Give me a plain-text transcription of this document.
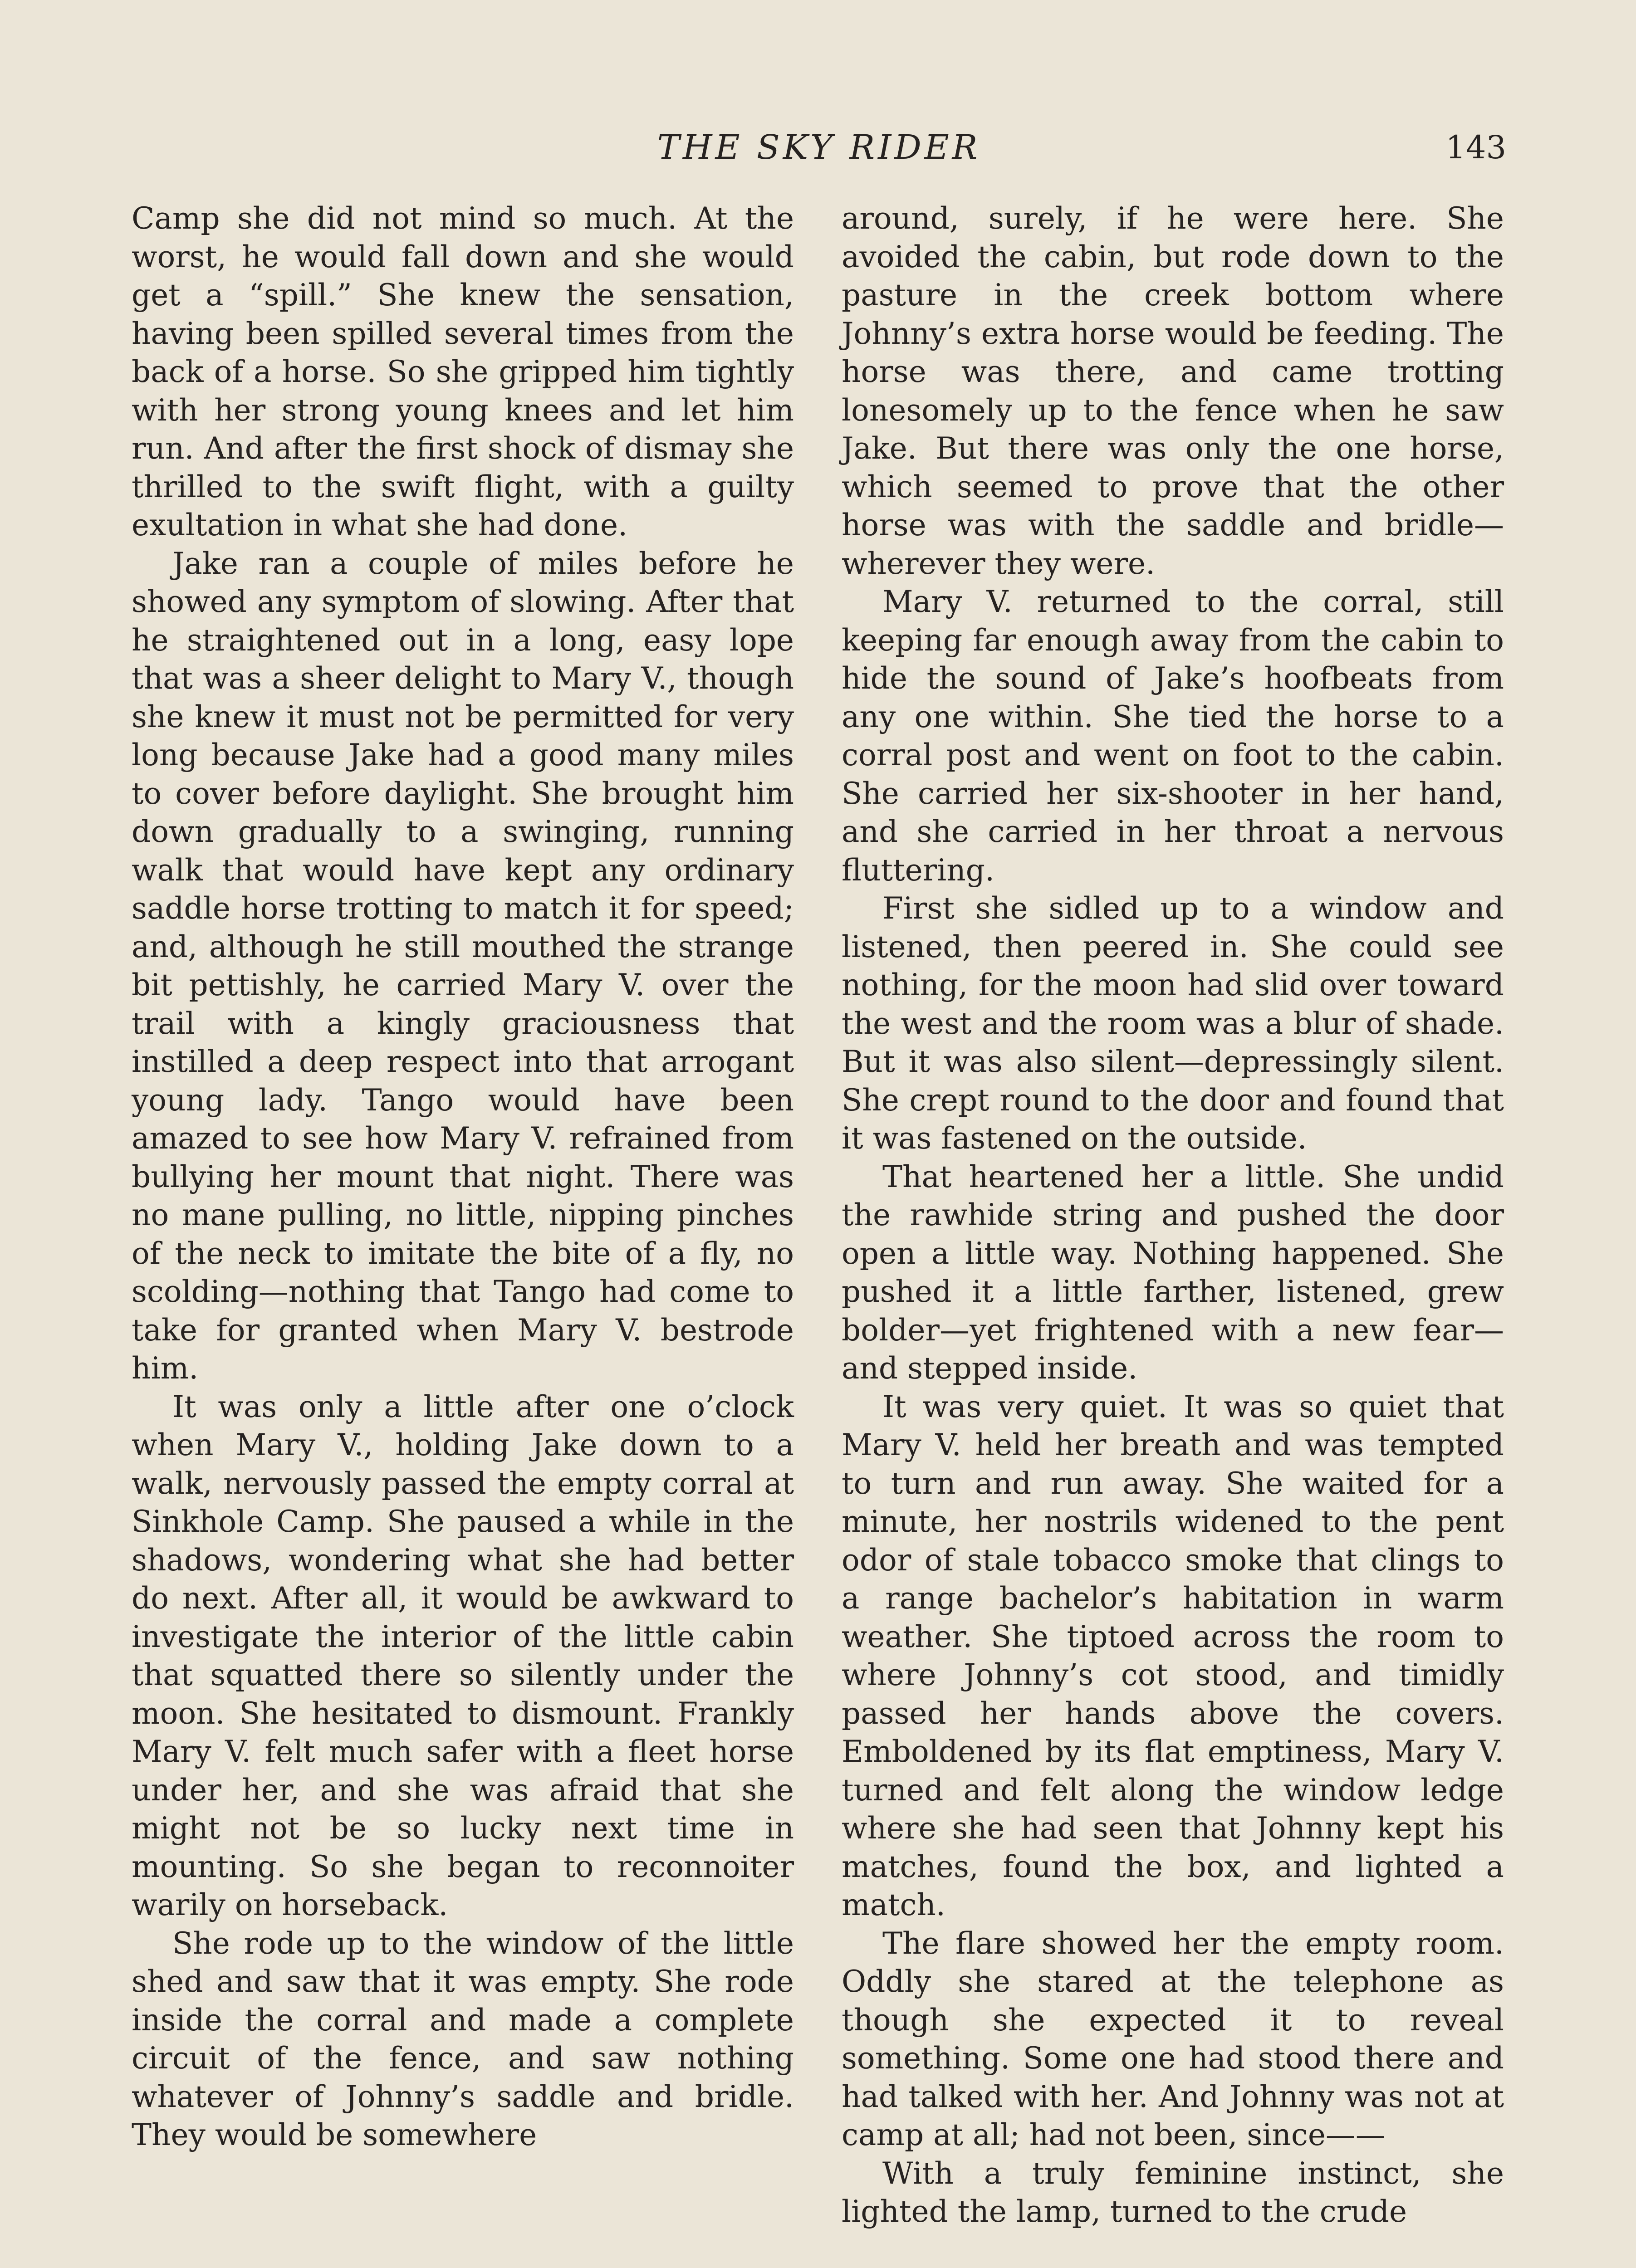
THE SKY RIDER	143

Camp she did not mind so much. At the worst, he would fall down and she would get a “spill.” She knew the sensation, having been spilled several times from the back of a horse. So she gripped him tightly with her strong young knees and let him run. And after the first shock of dismay she thrilled to the swift flight, with a guilty exultation in what she had done.

Jake ran a couple of miles before he showed any symptom of slowing. After that he straightened out in a long, easy lope that was a sheer delight to Mary V., though she knew it must not be permitted for very long because Jake had a good many miles to cover before daylight. She brought him down gradually to a swinging, running walk that would have kept any ordinary saddle horse trotting to match it for speed; and, although he still mouthed the strange bit pettishly, he carried Mary V. over the trail with a kingly graciousness that instilled a deep respect into that arrogant young lady. Tango would have been amazed to see how Mary V. refrained from bullying her mount that night. There was no mane pulling, no little, nipping pinches of the neck to imitate the bite of a fly, no scolding—nothing that Tango had come to take for granted when Mary V. bestrode him.

It was only a little after one o’clock when Mary V., holding Jake down to a walk, nervously passed the empty corral at Sinkhole Camp. She paused a while in the shadows, wondering what she had better do next. After all, it would be awkward to investigate the interior of the little cabin that squatted there so silently under the moon. She hesitated to dismount. Frankly Mary V. felt much safer with a fleet horse under her, and she was afraid that she might not be so lucky next time in mounting. So she began to reconnoiter warily on horseback.

She rode up to the window of the little shed and saw that it was empty. She rode inside the corral and made a complete circuit of the fence, and saw nothing whatever of Johnny’s saddle and bridle. They would be somewhere

around, surely, if he were here. She avoided the cabin, but rode down to the pasture in the creek bottom where Johnny’s extra horse would be feeding. The horse was there, and came trotting lonesomely up to the fence when he saw Jake. But there was only the one horse, which seemed to prove that the other horse was with the saddle and bridle—wherever they were.

Mary V. returned to the corral, still keeping far enough away from the cabin to hide the sound of Jake’s hoofbeats from any one within. She tied the horse to a corral post and went on foot to the cabin. She carried her six-shooter in her hand, and she carried in her throat a nervous fluttering.

First she sidled up to a window and listened, then peered in. She could see nothing, for the moon had slid over toward the west and the room was a blur of shade. But it was also silent—depressingly silent. She crept round to the door and found that it was fastened on the outside.

That heartened her a little. She undid the rawhide string and pushed the door open a little way. Nothing happened. She pushed it a little farther, listened, grew bolder—yet frightened with a new fear—and stepped inside.

It was very quiet. It was so quiet that Mary V. held her breath and was tempted to turn and run away. She waited for a minute, her nostrils widened to the pent odor of stale tobacco smoke that clings to a range bachelor’s habitation in warm weather. She tiptoed across the room to where Johnny’s cot stood, and timidly passed her hands above the covers. Emboldened by its flat emptiness, Mary V. turned and felt along the window ledge where she had seen that Johnny kept his matches, found the box, and lighted a match.

The flare showed her the empty room. Oddly she stared at the telephone as though she expected it to reveal something. Some one had stood there and had talked with her. And Johnny was not at camp at all; had not been, since——

With a truly feminine instinct, she lighted the lamp, turned to the crude
